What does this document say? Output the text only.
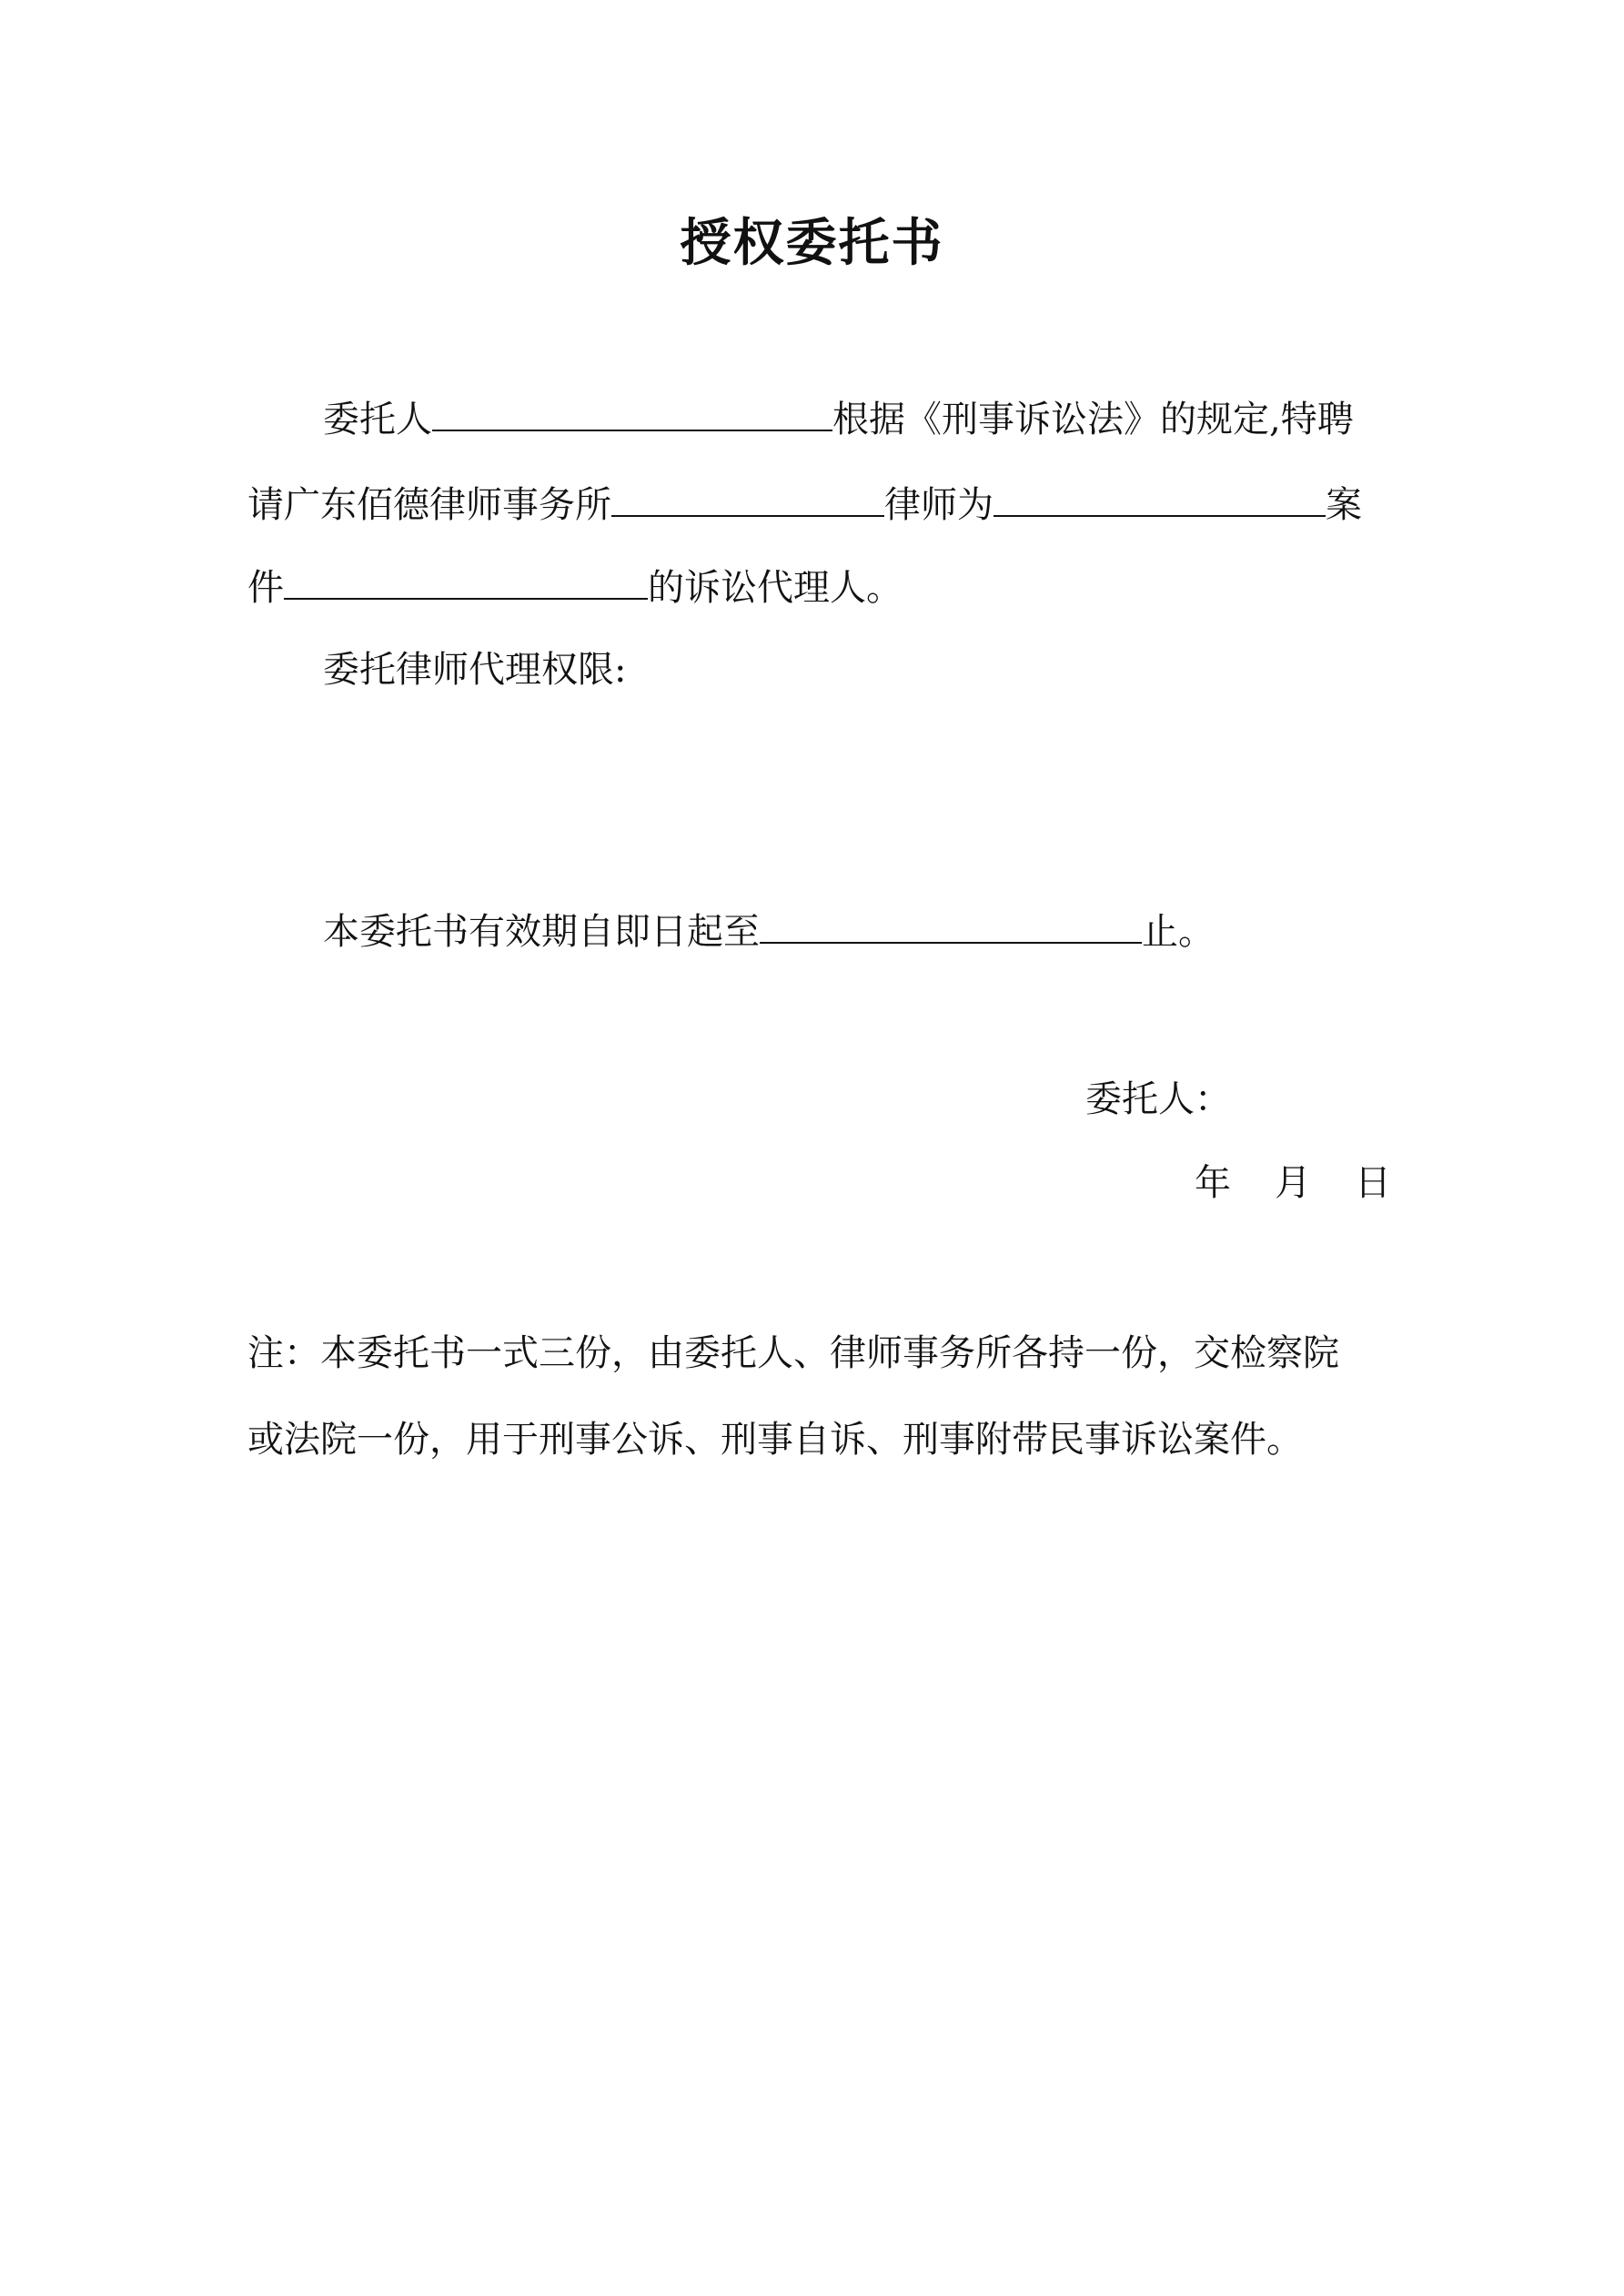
授权委托书
委托人	根据《刑事诉讼法》的规定,特聘
请广东佰德律师事务所	律师为	案
件	的诉讼代理人。
委托律师代理权限:
本委托书有效期自即日起至	止。
委托人：
年 月 日
注：本委托书一式三份，由委托人、律师事务所各持一份，交检察院
或法院一份，用于刑事公诉、刑事自诉、刑事附带民事诉讼案件。
